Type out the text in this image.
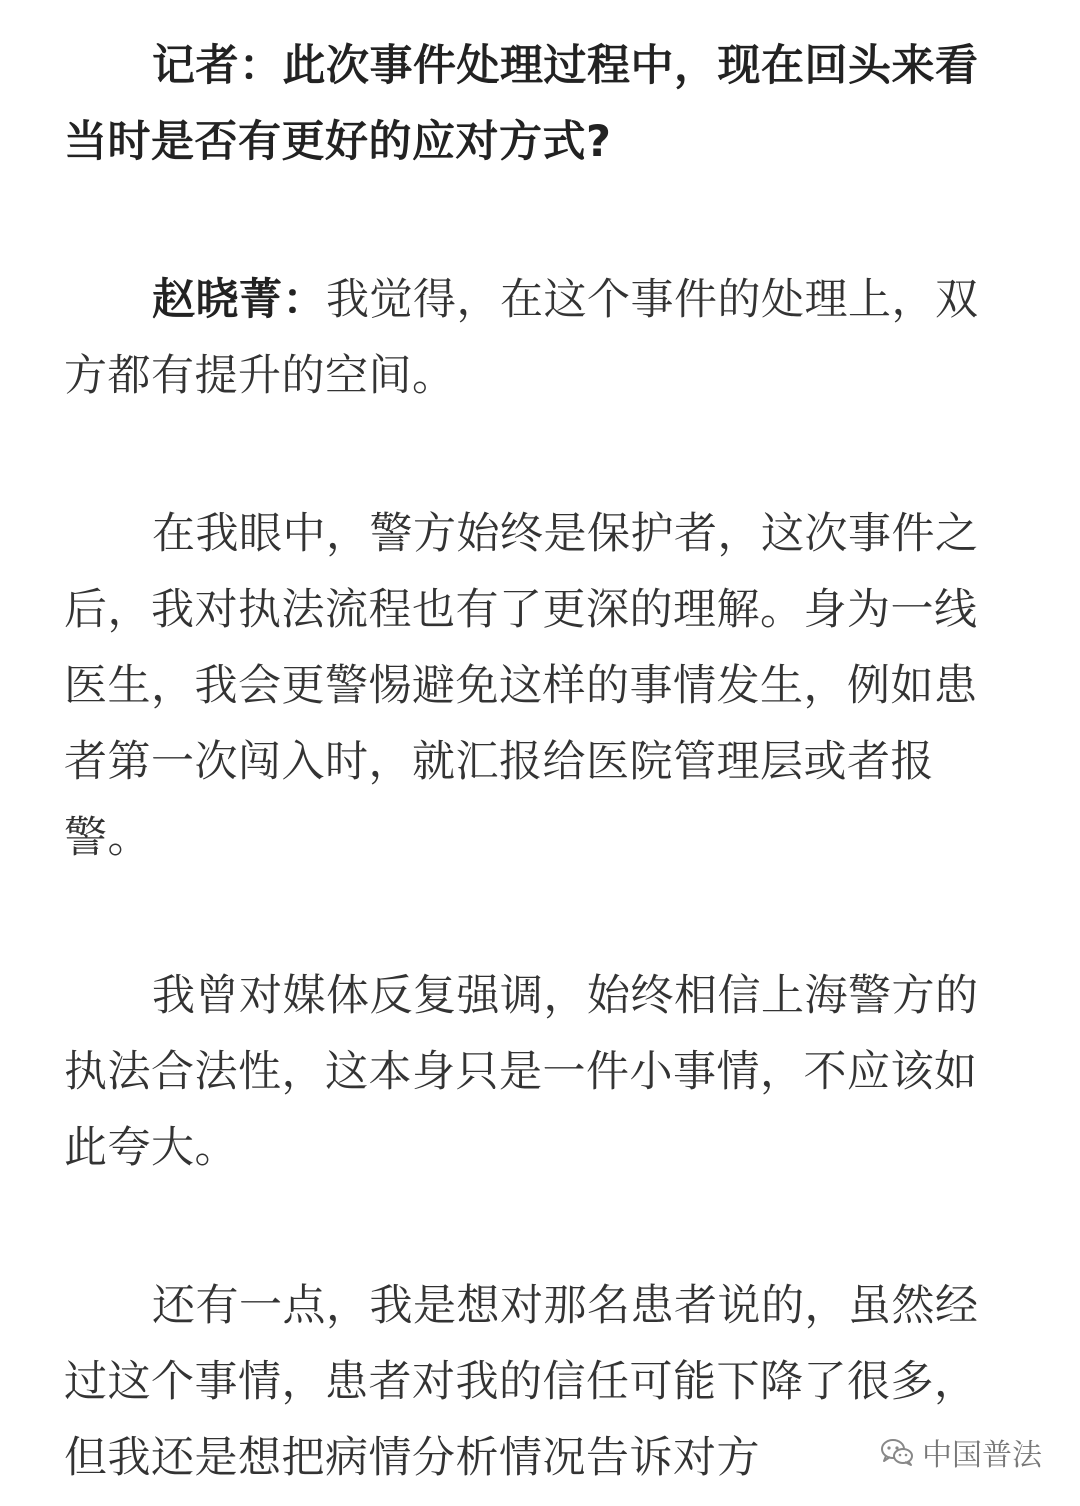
记者：此次事件处理过程中，现在回头来看当时是否有更好的应对方式?

赵晓菁：我觉得，在这个事件的处理上，双方都有提升的空间。

在我眼中，警方始终是保护者，这次事件之后，我对执法流程也有了更深的理解。身为一线医生，我会更警惕避免这样的事情发生，例如患者第一次闯入时，就汇报给医院管理层或者报警。

我曾对媒体反复强调，始终相信上海警方的执法合法性，这本身只是一件小事情，不应该如此夸大。

还有一点，我是想对那名患者说的，虽然经过这个事情，患者对我的信任可能下降了很多，但我还是想把病情分析情况告诉对方	中国普法
